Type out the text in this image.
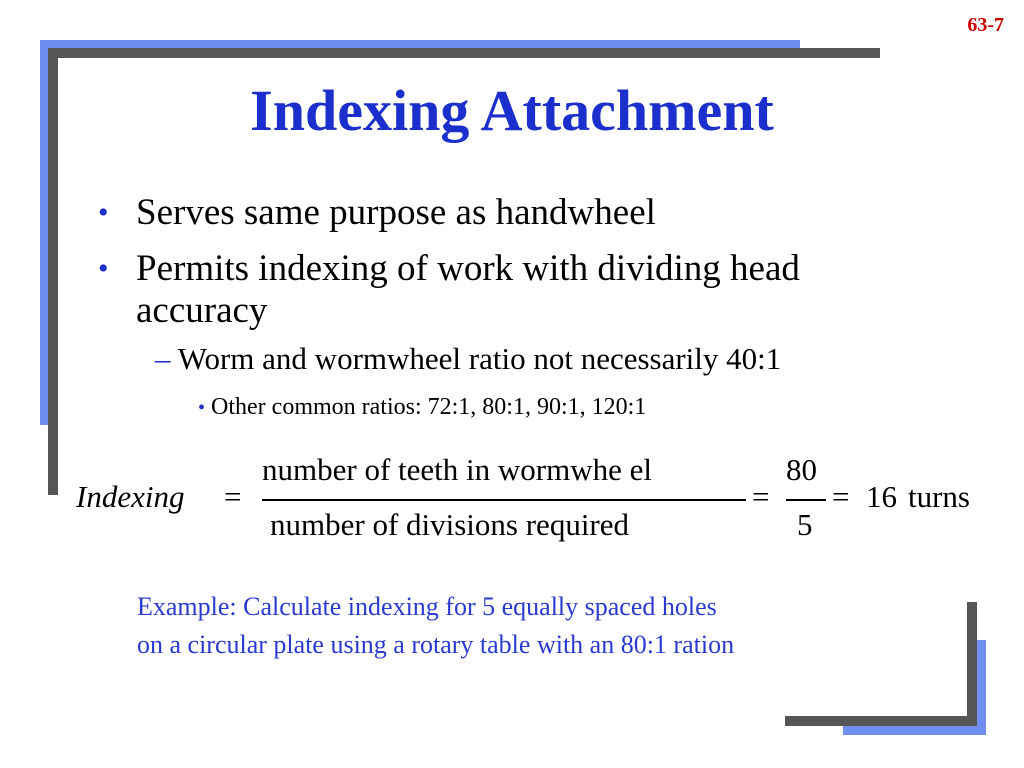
63-7
Indexing Attachment
• Serves same purpose as handwheel
• Permits indexing of work with dividing head
accuracy
– Worm and wormwheel ratio not necessarily 40:1
• Other common ratios: 72:1, 80:1, 90:1, 120:1
Indexing =
number of teeth in wormwhe el
number of divisions required
=
80
5
= 16 turns
Example: Calculate indexing for 5 equally spaced holes
on a circular plate using a rotary table with an 80:1 ration
